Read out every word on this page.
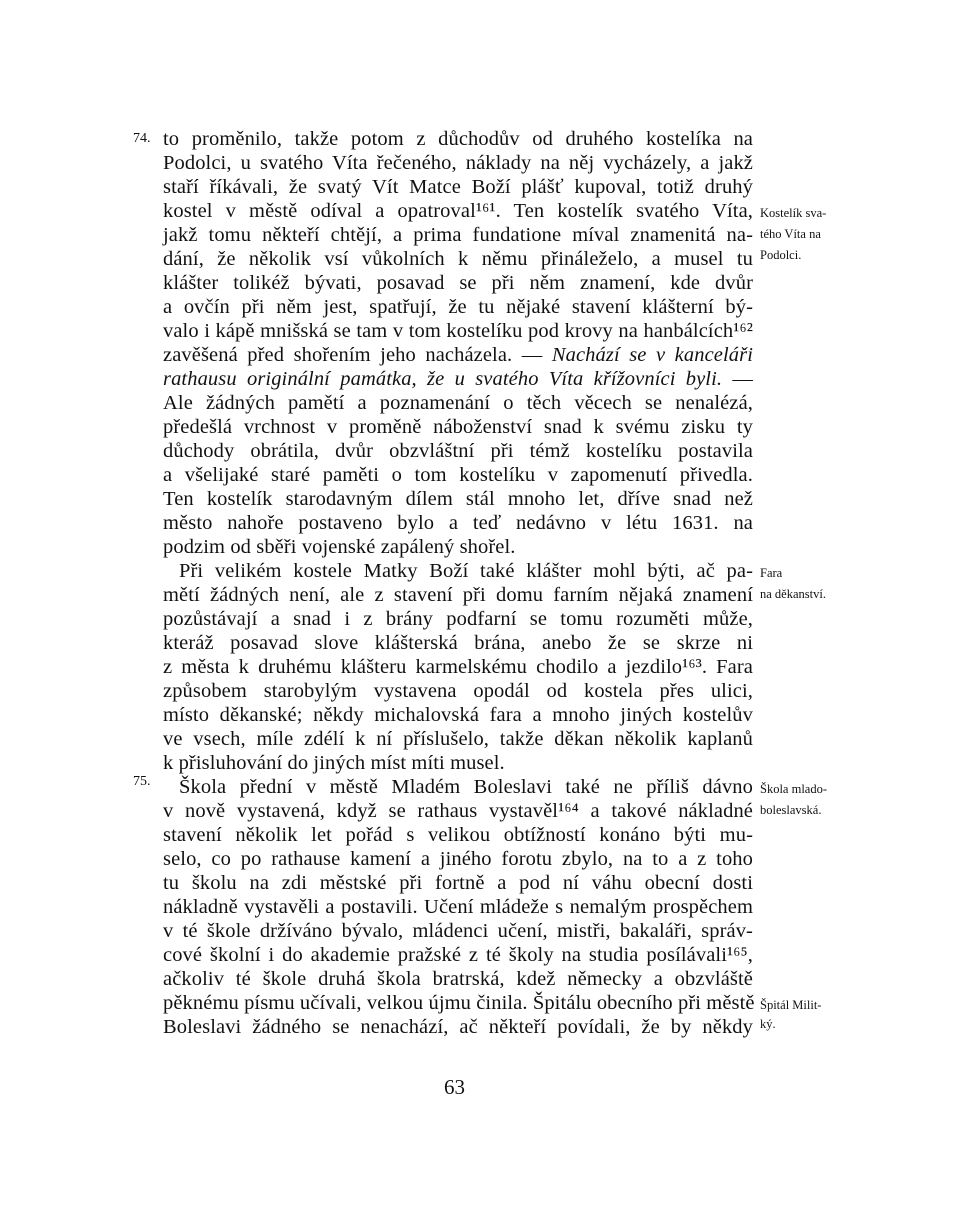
74.
75.
to proměnilo, takže potom z důchodův od druhého kostelíka na
Podolci, u svatého Víta řečeného, náklady na něj vycházely, a jakž
staří říkávali, že svatý Vít Matce Boží plášť kupoval, totiž druhý
kostel v městě odíval a opatroval¹⁶¹. Ten kostelík svatého Víta,
jakž tomu někteří chtějí, a prima fundatione míval znamenitá na-
dání, že několik vsí vůkolních k němu přináleželo, a musel tu
klášter tolikéž bývati, posavad se při něm znamení, kde dvůr
a ovčín při něm jest, spatřují, že tu nějaké stavení klášterní bý-
valo i kápě mnišská se tam v tom kostelíku pod krovy na hanbálcích¹⁶²
zavěšená před shořením jeho nacházela. — Nachází se v kanceláři
rathausu originální památka, že u svatého Víta křížovníci byli. —
Ale žádných pamětí a poznamenání o těch věcech se nenalézá,
předešlá vrchnost v proměně náboženství snad k svému zisku ty
důchody obrátila, dvůr obzvláštní při témž kostelíku postavila
a všelijaké staré paměti o tom kostelíku v zapomenutí přivedla.
Ten kostelík starodavným dílem stál mnoho let, dříve snad než
město nahoře postaveno bylo a teď nedávno v létu 1631. na
podzim od sběři vojenské zapálený shořel.
Při velikém kostele Matky Boží také klášter mohl býti, ač pa-
mětí žádných není, ale z stavení při domu farním nějaká znamení
pozůstávají a snad i z brány podfarní se tomu rozuměti může,
kteráž posavad slove klášterská brána, anebo že se skrze ni
z města k druhému klášteru karmelskému chodilo a jezdilo¹⁶³. Fara
způsobem starobylým vystavena opodál od kostela přes ulici,
místo děkanské; někdy michalovská fara a mnoho jiných kostelův
ve vsech, míle zdélí k ní příslušelo, takže děkan několik kaplanů
k přisluhování do jiných míst míti musel.
Škola přední v městě Mladém Boleslavi také ne příliš dávno
v nově vystavená, když se rathaus vystavěl¹⁶⁴ a takové nákladné
stavení několik let pořád s velikou obtížností konáno býti mu-
selo, co po rathause kamení a jiného forotu zbylo, na to a z toho
tu školu na zdi městské při fortně a pod ní váhu obecní dosti
nákladně vystavěli a postavili. Učení mládeže s nemalým prospěchem
v té škole držíváno bývalo, mládenci učení, mistři, bakaláři, správ-
cové školní i do akademie pražské z té školy na studia posílávali¹⁶⁵,
ačkoliv té škole druhá škola bratrská, kdež německy a obzvláště
pěknému písmu učívali, velkou újmu činila. Špitálu obecního při městě
Boleslavi žádného se nenachází, ač někteří povídali, že by někdy
Kostelík sva-
tého Víta na
Podolci.
Fara
na děkanství.
Škola mlado-
boleslavská.
Špitál Milit-
ký.
63
